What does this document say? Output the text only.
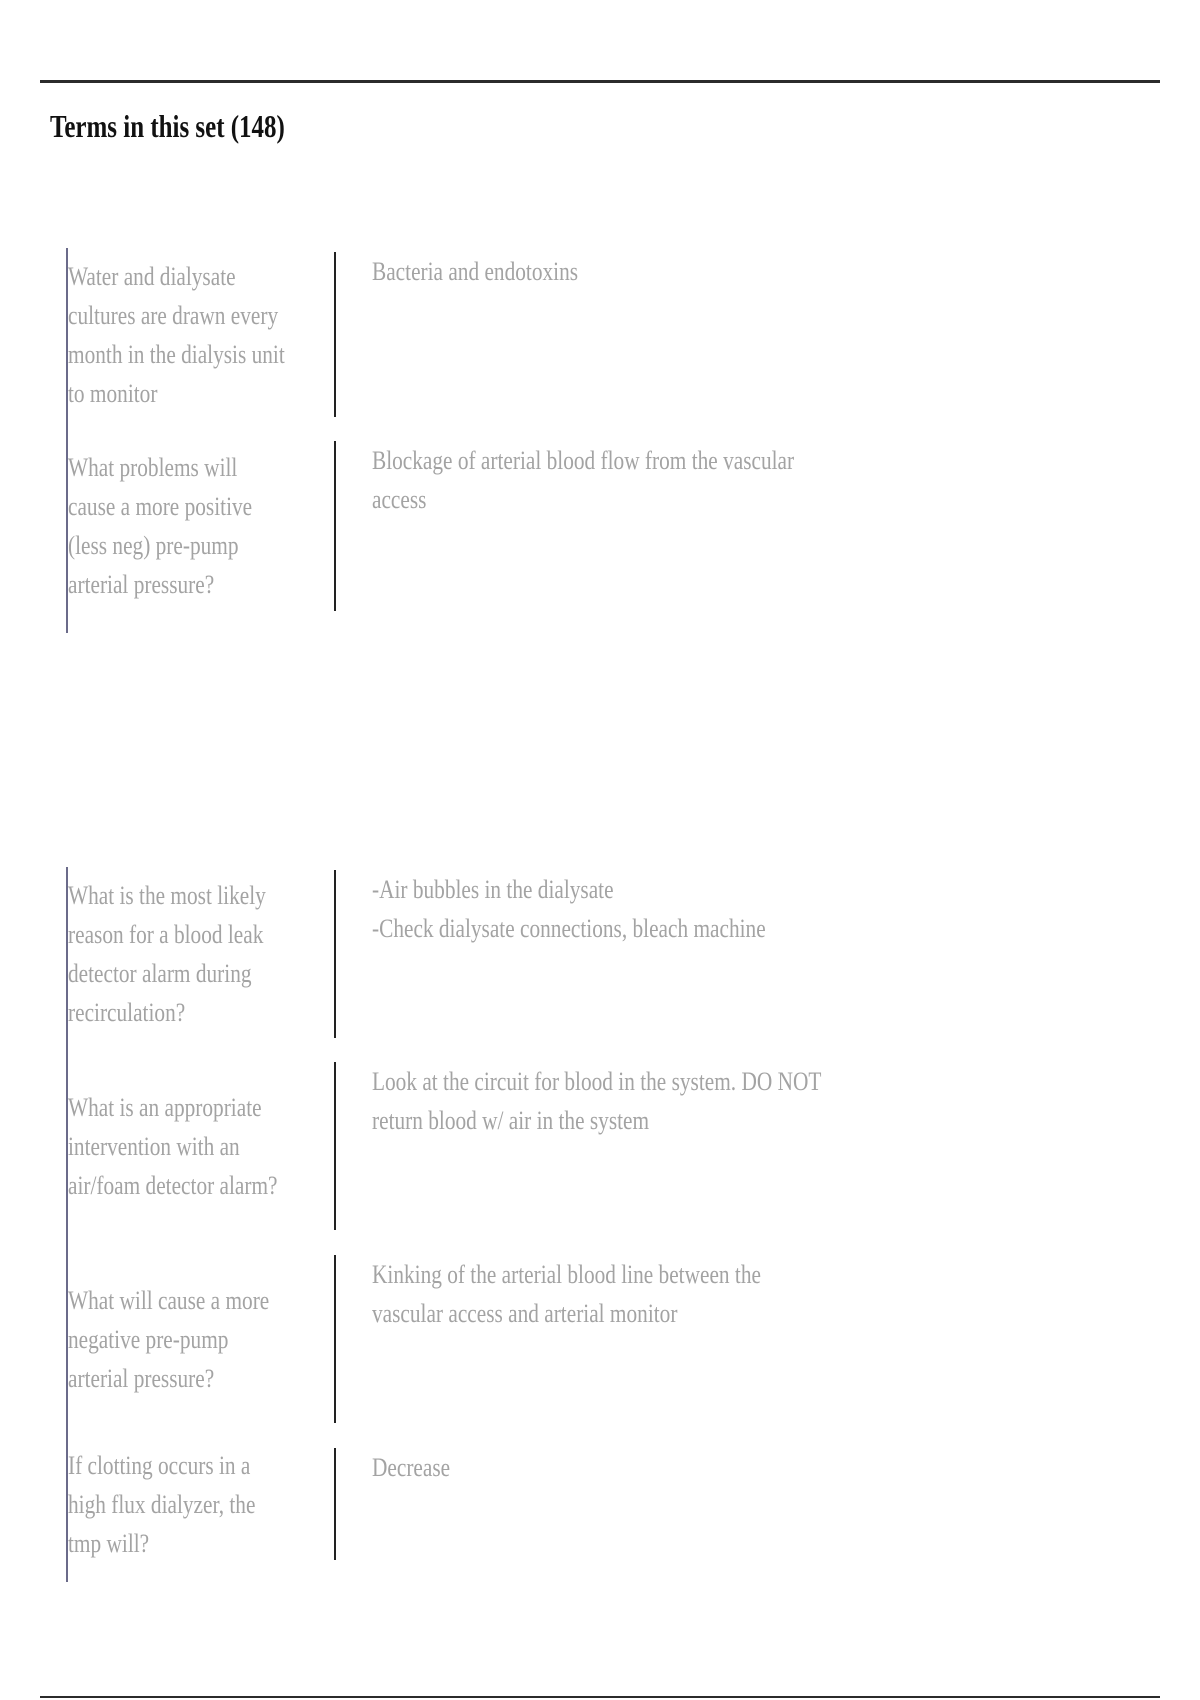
Terms in this set (148)
Water and dialysate cultures are drawn every month in the dialysis unit to monitor
Bacteria and endotoxins
What problems will cause a more positive (less neg) pre-pump arterial pressure?
Blockage of arterial blood flow from the vascular access
What is the most likely reason for a blood leak detector alarm during recirculation?
-Air bubbles in the dialysate
-Check dialysate connections, bleach machine
What is an appropriate intervention with an air/foam detector alarm?
Look at the circuit for blood in the system. DO NOT return blood w/ air in the system
What will cause a more negative pre-pump arterial pressure?
Kinking of the arterial blood line between the vascular access and arterial monitor
If clotting occurs in a high flux dialyzer, the tmp will?
Decrease
